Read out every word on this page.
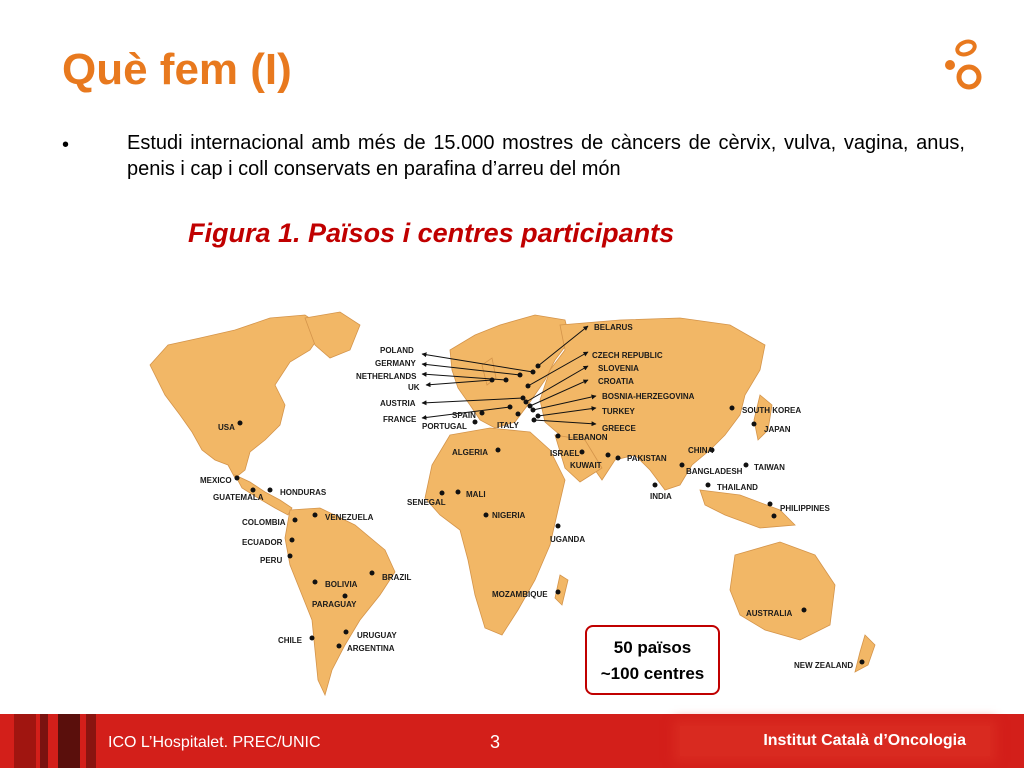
Què fem (I)
•	Estudi internacional amb més de 15.000 mostres de càncers de cèrvix, vulva, vagina, anus, penis i cap i coll conservats en parafina d’arreu del món

Figura 1. Països i centres participants
USA
MEXICO
GUATEMALA
HONDURAS
VENEZUELA
COLOMBIA
ECUADOR
PERU
BRAZIL
BOLIVIA
PARAGUAY
CHILE
URUGUAY
ARGENTINA
POLAND
GERMANY
NETHERLANDS
UK
AUSTRIA
FRANCE	SPAIN
PORTUGAL	ITALY
BELARUS
CZECH REPUBLIC
SLOVENIA
CROATIA
BOSNIA-HERZEGOVINA
TURKEY
GREECE
LEBANON
ISRAEL
KUWAIT
PAKISTAN
ALGERIA
SENEGAL
MALI
NIGERIA
UGANDA
MOZAMBIQUE
CHINA
SOUTH KOREA
JAPAN
TAIWAN
BANGLADESH
THAILAND
INDIA
PHILIPPINES
AUSTRALIA
NEW ZEALAND
50 països
~100 centres
ICO L’Hospitalet. PREC/UNIC	3	Institut Català d’Oncologia
